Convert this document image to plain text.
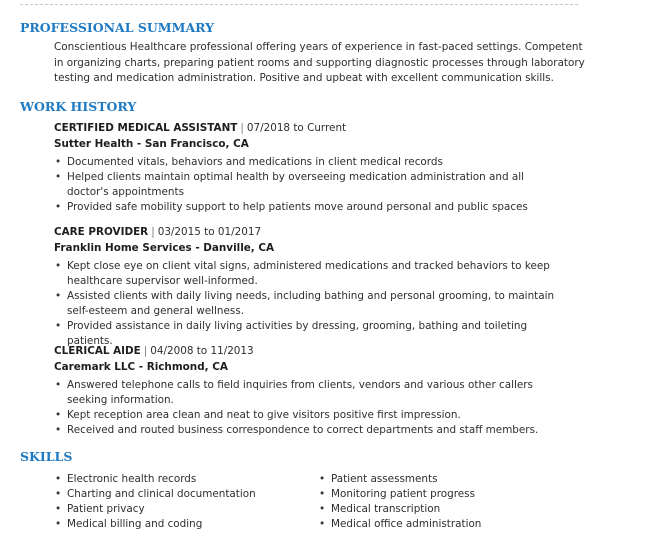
PROFESSIONAL SUMMARY

Conscientious Healthcare professional offering years of experience in fast-paced settings. Competent in organizing charts, preparing patient rooms and supporting diagnostic processes through laboratory testing and medication administration. Positive and upbeat with excellent communication skills.

WORK HISTORY
CERTIFIED MEDICAL ASSISTANT | 07/2018 to Current
Sutter Health - San Francisco, CA
• Documented vitals, behaviors and medications in client medical records
• Helped clients maintain optimal health by overseeing medication administration and all doctor's appointments
• Provided safe mobility support to help patients move around personal and public spaces
CARE PROVIDER | 03/2015 to 01/2017
Franklin Home Services - Danville, CA
• Kept close eye on client vital signs, administered medications and tracked behaviors to keep healthcare supervisor well-informed.
• Assisted clients with daily living needs, including bathing and personal grooming, to maintain self-esteem and general wellness.
• Provided assistance in daily living activities by dressing, grooming, bathing and toileting patients.
CLERICAL AIDE | 04/2008 to 11/2013
Caremark LLC - Richmond, CA
• Answered telephone calls to field inquiries from clients, vendors and various other callers seeking information.
• Kept reception area clean and neat to give visitors positive first impression.
• Received and routed business correspondence to correct departments and staff members.
SKILLS
• Electronic health records
• Charting and clinical documentation
• Patient privacy
• Medical billing and coding
• Patient assessments
• Monitoring patient progress
• Medical transcription
• Medical office administration
